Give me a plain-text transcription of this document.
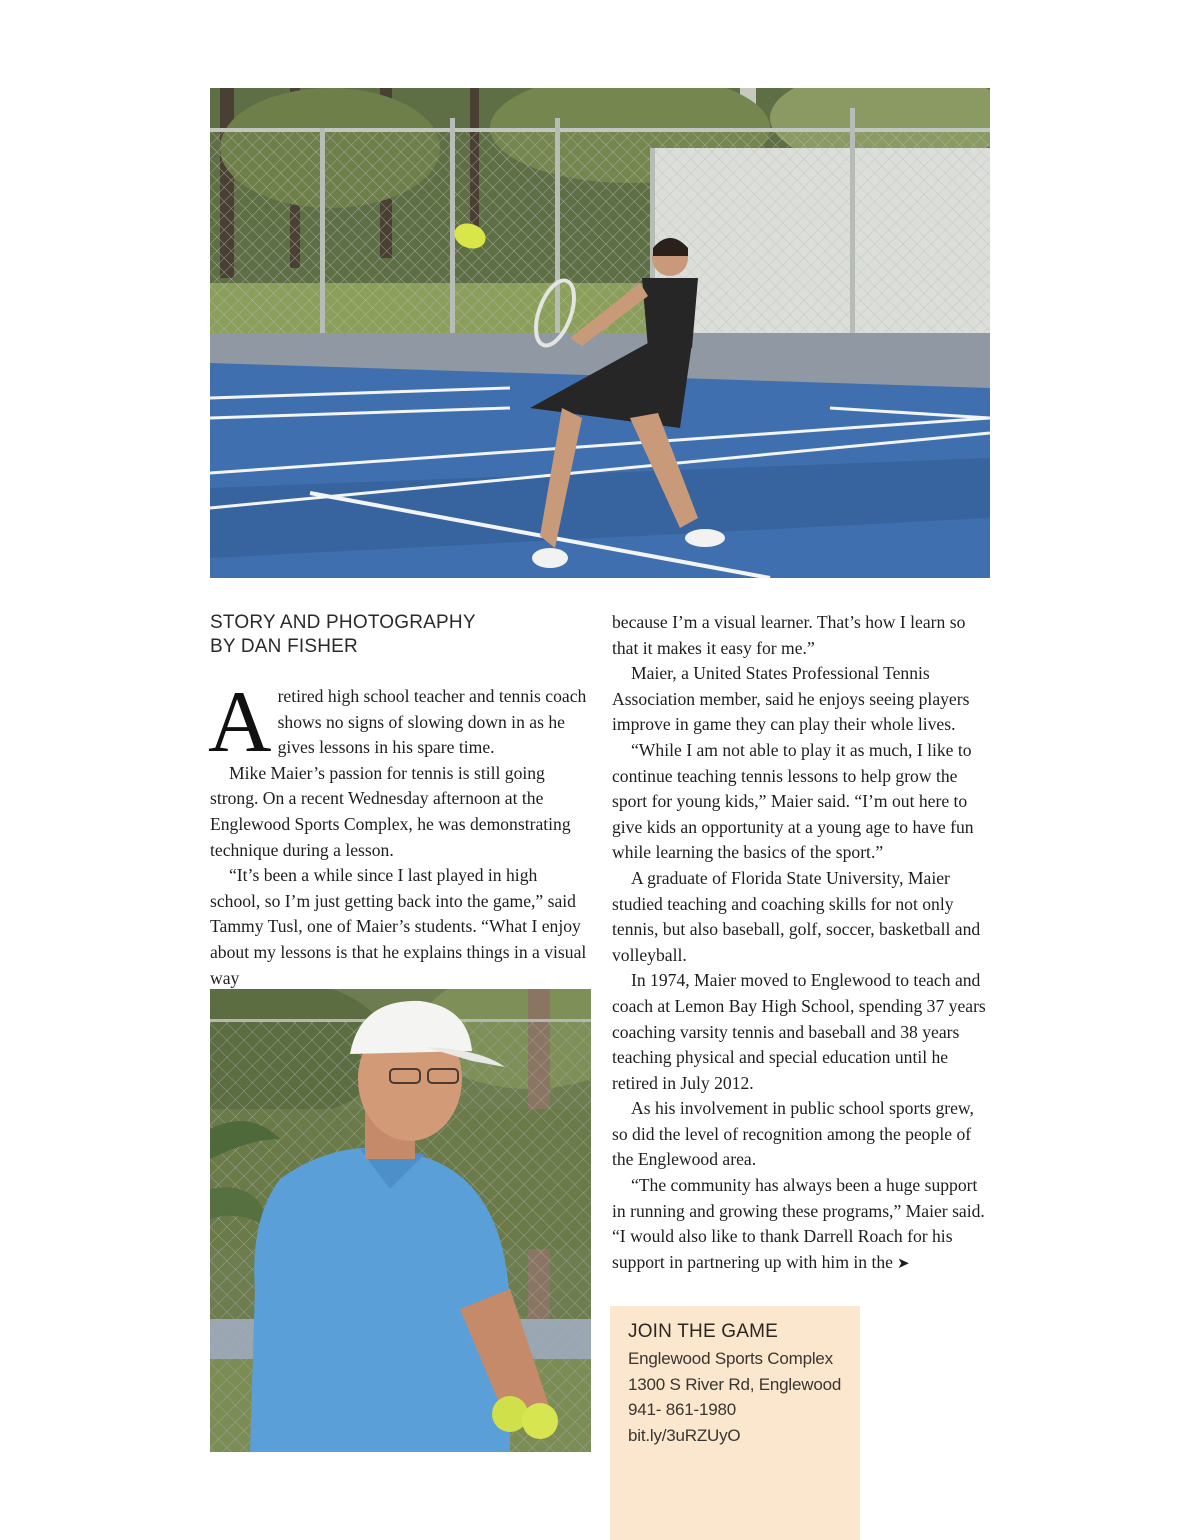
STORY AND PHOTOGRAPHY
BY DAN FISHER

Aretired high school teacher and tennis coach shows no signs of slowing down in as he gives lessons in his spare time.

Mike Maier’s passion for tennis is still going strong. On a recent Wednesday afternoon at the Englewood Sports Complex, he was demonstrating technique during a lesson.

“It’s been a while since I last played in high school, so I’m just getting back into the game,” said Tammy Tusl, one of Maier’s students. “What I enjoy about my lessons is that he explains things in a visual way

because I’m a visual learner. That’s how I learn so that it makes it easy for me.”

Maier, a United States Professional Tennis Association member, said he enjoys seeing players improve in game they can play their whole lives.

“While I am not able to play it as much, I like to continue teaching tennis lessons to help grow the sport for young kids,” Maier said. “I’m out here to give kids an opportunity at a young age to have fun while learning the basics of the sport.”

A graduate of Florida State University, Maier studied teaching and coaching skills for not only tennis, but also baseball, golf, soccer, basketball and volleyball.

In 1974, Maier moved to Englewood to teach and coach at Lemon Bay High School, spending 37 years coaching varsity tennis and baseball and 38 years teaching physical and special education until he retired in July 2012.

As his involvement in public school sports grew, so did the level of recognition among the people of the Englewood area.

“The community has always been a huge support in running and growing these programs,” Maier said. “I would also like to thank Darrell Roach for his support in partnering up with him in the ➤

JOIN THE GAME
Englewood Sports Complex
1300 S River Rd, Englewood
941- 861-1980
bit.ly/3uRZUyO
